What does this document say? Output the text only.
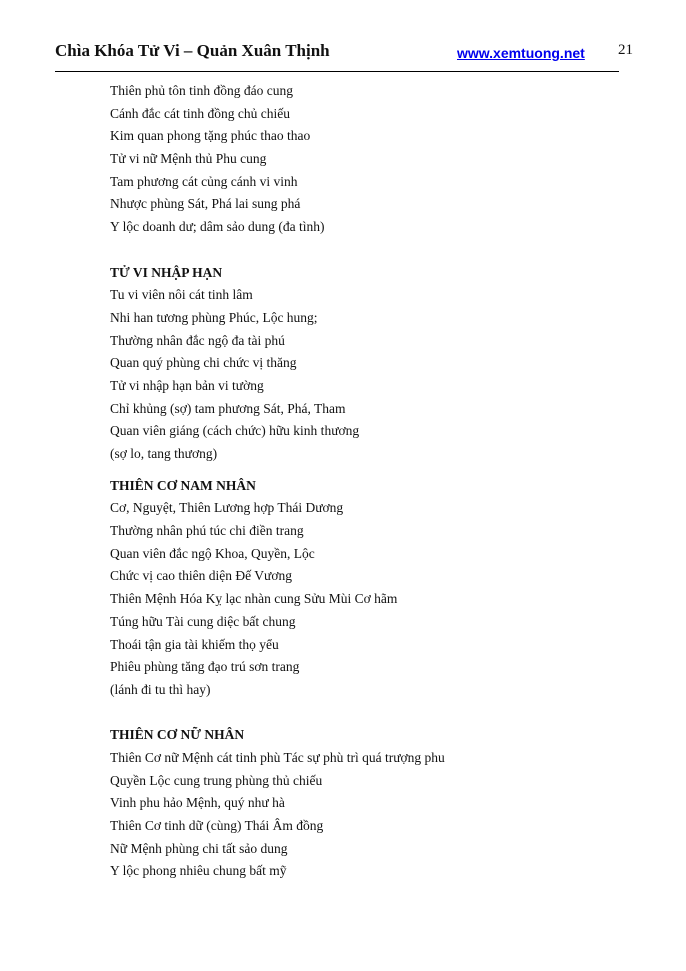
Chìa Khóa Tử Vi – Quản Xuân Thịnh	www.xemtuong.net 21
Thiên phủ tôn tinh đồng đáo cung
Cánh đắc cát tinh đồng chủ chiếu
Kim quan phong tặng phúc thao thao
Tử vi nữ Mệnh thủ Phu cung
Tam phương cát củng cánh vi vinh
Nhược phùng Sát, Phá lai sung phá
Y lộc doanh dư; dâm sảo dung (đa tình)
TỬ VI NHẬP HẠN
Tu vi viên nôi cát tinh lâm
Nhi han tương phùng Phúc, Lộc hung;
Thường nhân đắc ngộ đa tài phú
Quan quý phùng chi chức vị thăng
Tử vi nhập hạn bản vi tường
Chỉ khủng (sợ) tam phương Sát, Phá, Tham
Quan viên giáng (cách chức) hữu kinh thương
(sợ lo, tang thương)
THIÊN CƠ NAM NHÂN
Cơ, Nguyệt, Thiên Lương hợp Thái Dương
Thường nhân phú túc chi điền trang
Quan viên đắc ngộ Khoa, Quyền, Lộc
Chức vị cao thiên diện Đế Vương
Thiên Mệnh Hóa Kỵ lạc nhàn cung Sửu Mùi Cơ hãm
Túng hữu Tài cung diệc bất chung
Thoái tận gia tài khiếm thọ yểu
Phiêu phùng tăng đạo trú sơn trang
(lánh đi tu thì hay)
THIÊN CƠ NỮ NHÂN
Thiên Cơ nữ Mệnh cát tinh phù Tác sự phù trì quá trượng phu
Quyền Lộc cung trung phùng thủ chiếu
Vinh phu hảo Mệnh, quý như hà
Thiên Cơ tinh dữ (cùng) Thái Âm đồng
Nữ Mệnh phùng chi tất sảo dung
Y lộc phong nhiêu chung bất mỹ
